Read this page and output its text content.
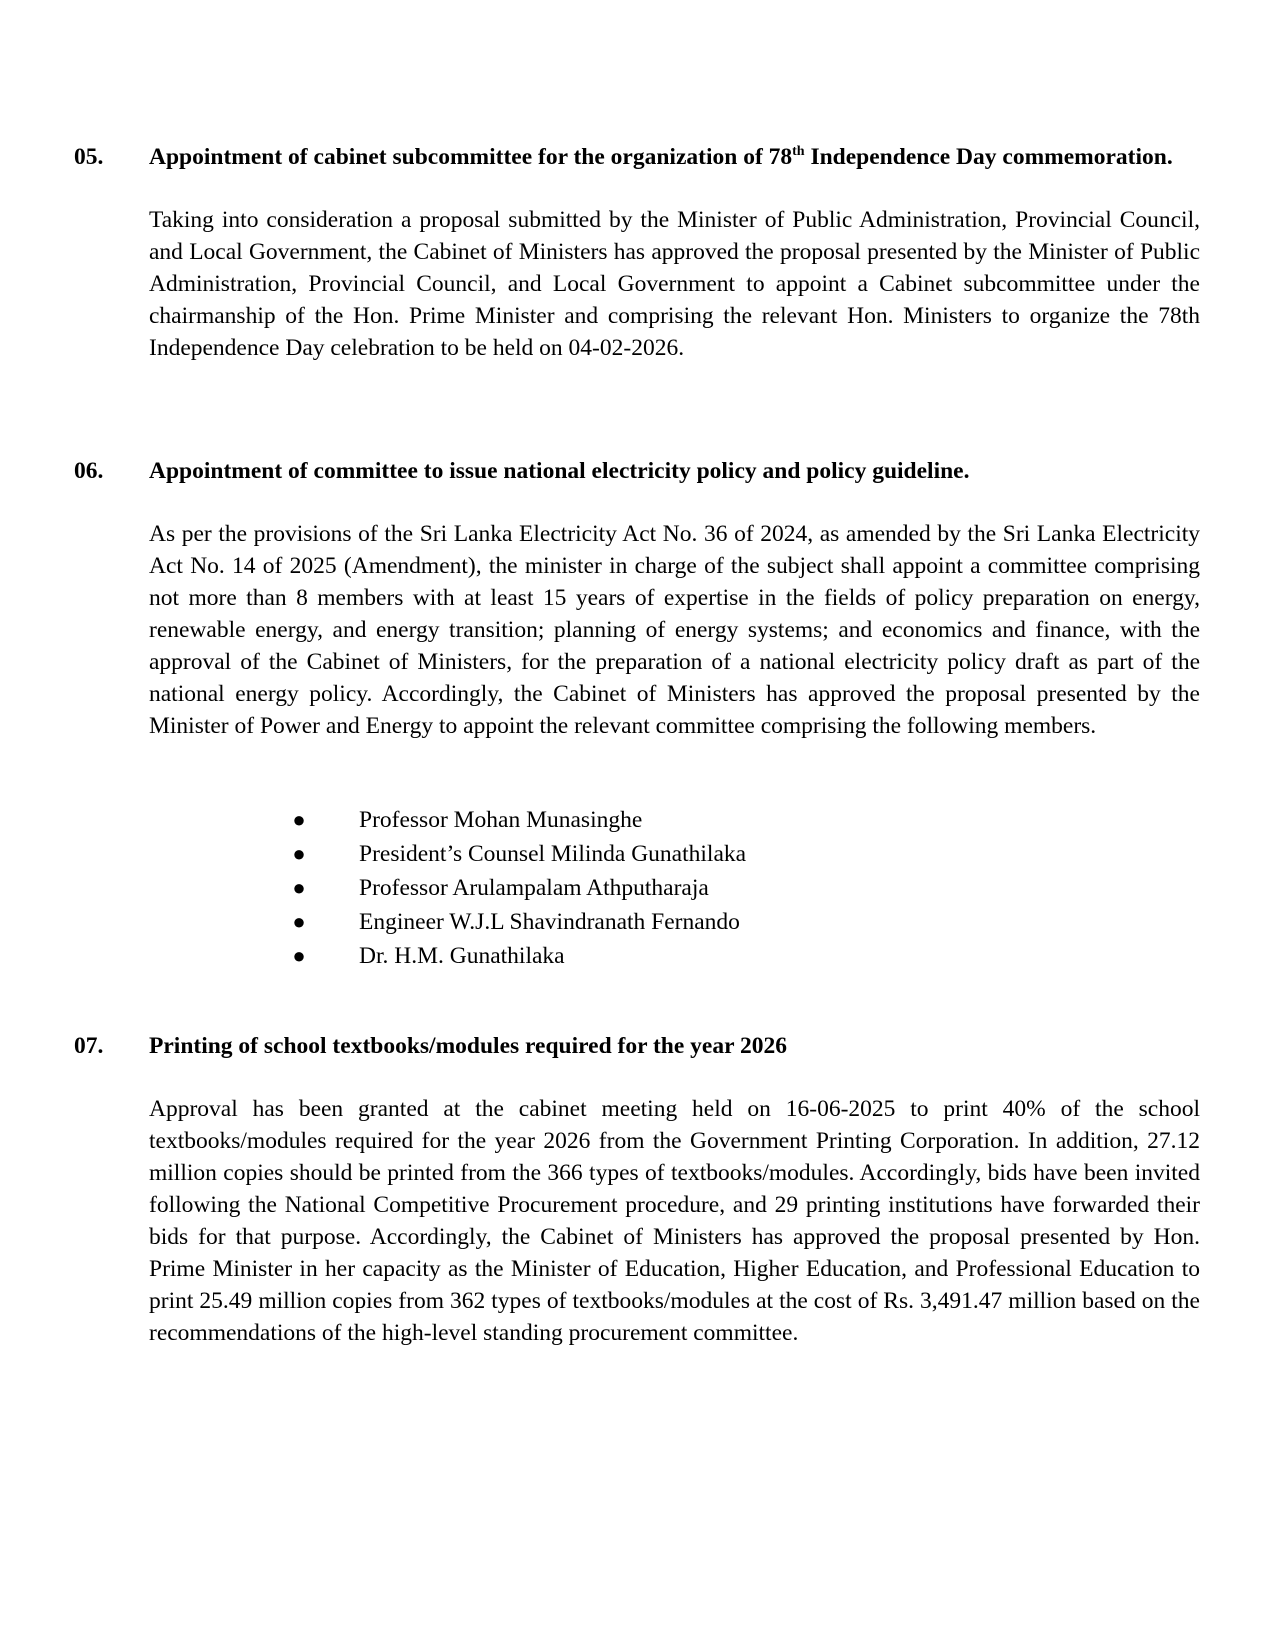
05.	Appointment of cabinet subcommittee for the organization of 78th Independence Day commemoration.

Taking into consideration a proposal submitted by the Minister of Public Administration, Provincial Council, and Local Government, the Cabinet of Ministers has approved the proposal presented by the Minister of Public Administration, Provincial Council, and Local Government to appoint a Cabinet subcommittee under the chairmanship of the Hon. Prime Minister and comprising the relevant Hon. Ministers to organize the 78th Independence Day celebration to be held on 04-02-2026.

06.	Appointment of committee to issue national electricity policy and policy guideline.

As per the provisions of the Sri Lanka Electricity Act No. 36 of 2024, as amended by the Sri Lanka Electricity Act No. 14 of 2025 (Amendment), the minister in charge of the subject shall appoint a committee comprising not more than 8 members with at least 15 years of expertise in the fields of policy preparation on energy, renewable energy, and energy transition; planning of energy systems; and economics and finance, with the approval of the Cabinet of Ministers, for the preparation of a national electricity policy draft as part of the national energy policy. Accordingly, the Cabinet of Ministers has approved the proposal presented by the Minister of Power and Energy to appoint the relevant committee comprising the following members.

● Professor Mohan Munasinghe
● President’s Counsel Milinda Gunathilaka
● Professor Arulampalam Athputharaja
● Engineer W.J.L Shavindranath Fernando
● Dr. H.M. Gunathilaka
07.	Printing of school textbooks/modules required for the year 2026

Approval has been granted at the cabinet meeting held on 16-06-2025 to print 40% of the school textbooks/modules required for the year 2026 from the Government Printing Corporation. In addition, 27.12 million copies should be printed from the 366 types of textbooks/modules. Accordingly, bids have been invited following the National Competitive Procurement procedure, and 29 printing institutions have forwarded their bids for that purpose. Accordingly, the Cabinet of Ministers has approved the proposal presented by Hon. Prime Minister in her capacity as the Minister of Education, Higher Education, and Professional Education to print 25.49 million copies from 362 types of textbooks/modules at the cost of Rs. 3,491.47 million based on the recommendations of the high-level standing procurement committee.
